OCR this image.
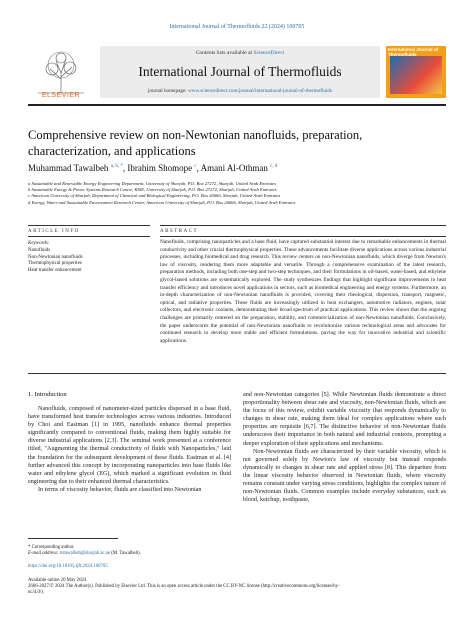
International Journal of Thermofluids 22 (2024) 100705
ELSEVIER
Contents lists available at ScienceDirect
International Journal of Thermofluids
journal homepage: www.sciencedirect.com/journal/international-journal-of-thermofluids
International Journal of Thermofluids
Comprehensive review on non-Newtonian nanofluids, preparation,
characterization, and applications
Muhammad Tawalbeh $^{a, b, *}$, Ibrahim Shomope $^c$, Amani Al-Othman $^{c, d}$
a Sustainable and Renewable Energy Engineering Department, University of Sharjah, P.O. Box 27272, Sharjah, United Arab Emirates
b Sustainable Energy & Power Systems Research Centre, RISE, University of Sharjah, P.O. Box 27272, Sharjah, United Arab Emirates
c American University of Sharjah, Department of Chemical and Biological Engineering, P.O. Box 26666, Sharjah, United Arab Emirates
d Energy, Water and Sustainable Environment Research Center, American University of Sharjah, P.O. Box 26666, Sharjah, United Arab Emirates
ARTICLE INFO	ABSTRACT
Keywords:
Nanofluids
Non-Newtonian nanofluids
Thermophysical properties
Heat transfer enhancement
Nanofluids, comprising nanoparticles and a base fluid, have captured substantial interest due to remarkable enhancements in thermal conductivity and other crucial thermophysical properties. These advancements facilitate diverse applications across various industrial processes, including biomedical and drug research. This review centers on non-Newtonian nanofluids, which diverge from Newton's law of viscosity, rendering them more adaptable and versatile. Through a comprehensive examination of the latest research, preparation methods, including both one-step and two-step techniques, and their formulations in oil-based, water-based, and ethylene glycol-based solutions are systematically explored. The study synthesizes findings that highlight significant improvements in heat transfer efficiency and introduces novel applications in sectors, such as biomedical engineering and energy systems. Furthermore, an in-depth characterization of non-Newtonian nanofluids is provided, covering their rheological, dispersion, transport, magnetic, optical, and radiative properties. These fluids are increasingly utilized in heat exchangers, automotive radiators, engines, solar collectors, and electronic coolants, demonstrating their broad spectrum of practical applications. This review shows that the ongoing challenges are primarily centered on the preparation, stability, and commercialization of non-Newtonian nanofluids. Conclusively, the paper underscores the potential of non-Newtonian nanofluids to revolutionize various technological areas and advocates for continued research to develop more stable and efficient formulations, paving the way for innovative industrial and scientific applications.
1. Introduction

Nanofluids, composed of nanometer-sized particles dispersed in a base fluid, have transformed heat transfer technologies across various industries. Introduced by Choi and Eastman [1] in 1995, nanofluids enhance thermal properties significantly compared to conventional fluids, making them highly suitable for diverse industrial applications [2,3]. The seminal work presented at a conference titled, "Augmenting the thermal conductivity of fluids with Nanoparticles," laid the foundation for the subsequent development of these fluids. Eastman et al. [4] further advanced this concept by incorporating nanoparticles into base fluids like water and ethylene glycol (EG), which marked a significant evolution in fluid engineering due to their enhanced thermal characteristics.

In terms of viscosity behavior, fluids are classified into Newtonian

and non-Newtonian categories [5]. While Newtonian fluids demonstrate a direct proportionality between shear rate and viscosity, non-Newtonian fluids, which are the focus of this review, exhibit variable viscosity that responds dynamically to changes in shear rate, making them ideal for complex applications where such properties are requisite [6,7]. The distinctive behavior of non-Newtonian fluids underscores their importance in both natural and industrial contexts, prompting a deeper exploration of their applications and mechanisms.

Non-Newtonian fluids are characterized by their variable viscosity, which is not governed solely by Newton's law of viscosity but instead responds dynamically to changes in shear rate and applied stress [8]. This departure from the linear viscosity behavior observed in Newtonian fluids, where viscosity remains constant under varying stress conditions, highlights the complex nature of non-Newtonian fluids. Common examples include everyday substances, such as blood, ketchup, toothpaste,

* Corresponding author.
E-mail address: mtawalbeh@sharjah.ac.ae (M. Tawalbeh).
https://doi.org/10.1016/j.ijft.2024.100705
Available online 20 May 2024
2666-2027/© 2024 The Author(s). Published by Elsevier Ltd. This is an open access article under the CC BY-NC license (http://creativecommons.org/licenses/by-
nc/4.0/).
